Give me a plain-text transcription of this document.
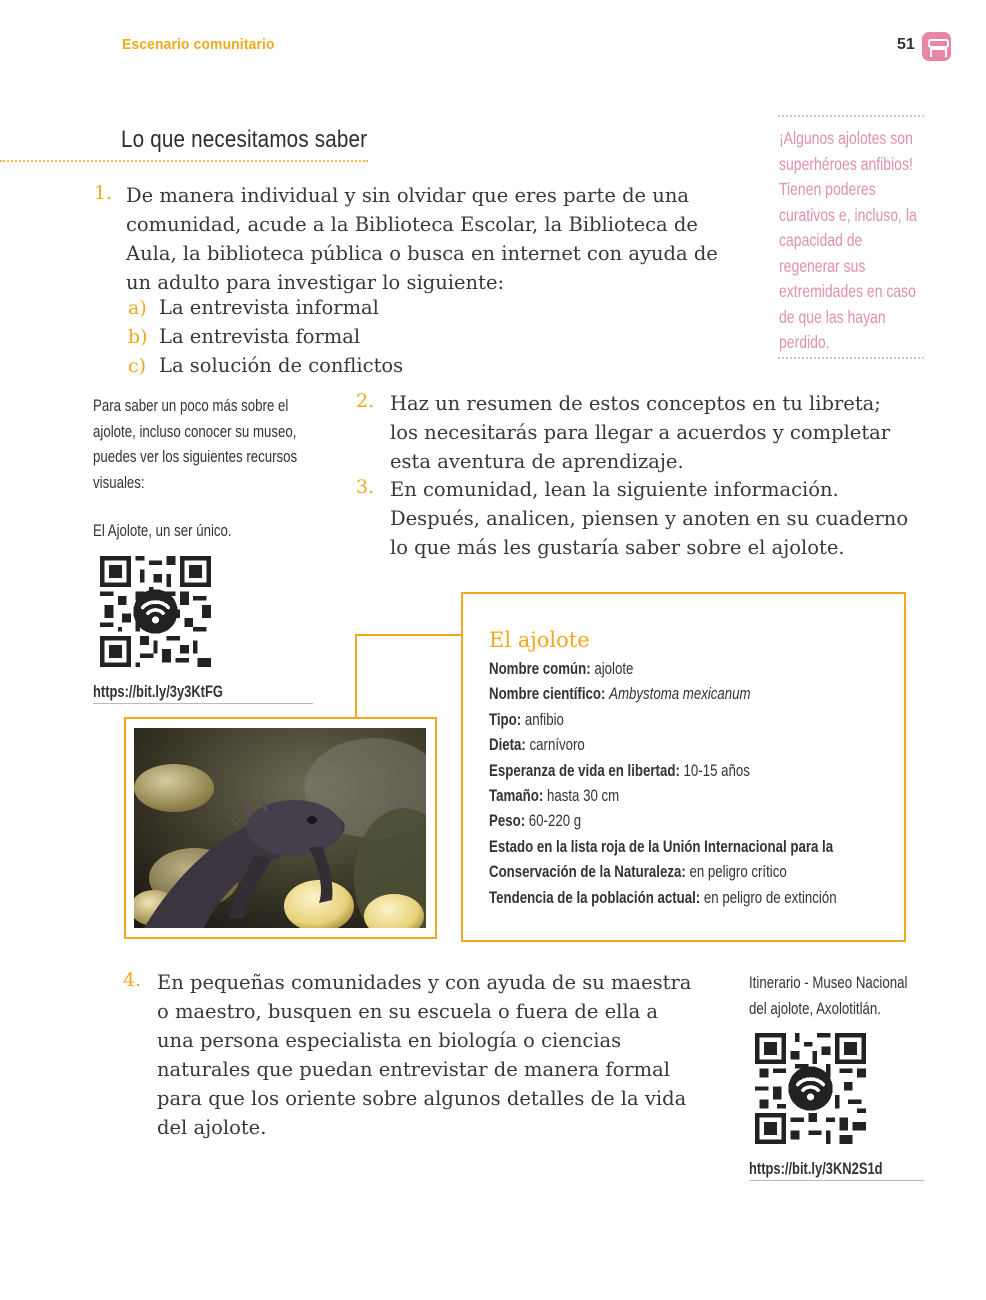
Escenario comunitario	51
Lo que necesitamos saber
1. De manera individual y sin olvidar que eres parte de una comunidad, acude a la Biblioteca Escolar, la Biblioteca de Aula, la biblioteca pública o busca en internet con ayuda de un adulto para investigar lo siguiente:
a) La entrevista informal
b) La entrevista formal
c) La solución de conflictos
¡Algunos ajolotes son superhéroes anfibios! Tienen poderes curativos e, incluso, la capacidad de regenerar sus extremidades en caso de que las hayan perdido.
Para saber un poco más sobre el ajolote, incluso conocer su museo, puedes ver los siguientes recursos visuales:
El Ajolote, un ser único.
https://bit.ly/3y3KtFG
2. Haz un resumen de estos conceptos en tu libreta; los necesitarás para llegar a acuerdos y completar esta aventura de aprendizaje.
3. En comunidad, lean la siguiente información. Después, analicen, piensen y anoten en su cuaderno lo que más les gustaría saber sobre el ajolote.
El ajolote
Nombre común: ajolote
Nombre científico: Ambystoma mexicanum
Tipo: anfibio
Dieta: carnívoro
Esperanza de vida en libertad: 10-15 años
Tamaño: hasta 30 cm
Peso: 60-220 g
Estado en la lista roja de la Unión Internacional para la
Conservación de la Naturaleza: en peligro crítico
Tendencia de la población actual: en peligro de extinción
4. En pequeñas comunidades y con ayuda de su maestra o maestro, busquen en su escuela o fuera de ella a una persona especialista en biología o ciencias naturales que puedan entrevistar de manera formal para que los oriente sobre algunos detalles de la vida del ajolote.
Itinerario - Museo Nacional del ajolote, Axolotitlán.
https://bit.ly/3KN2S1d
